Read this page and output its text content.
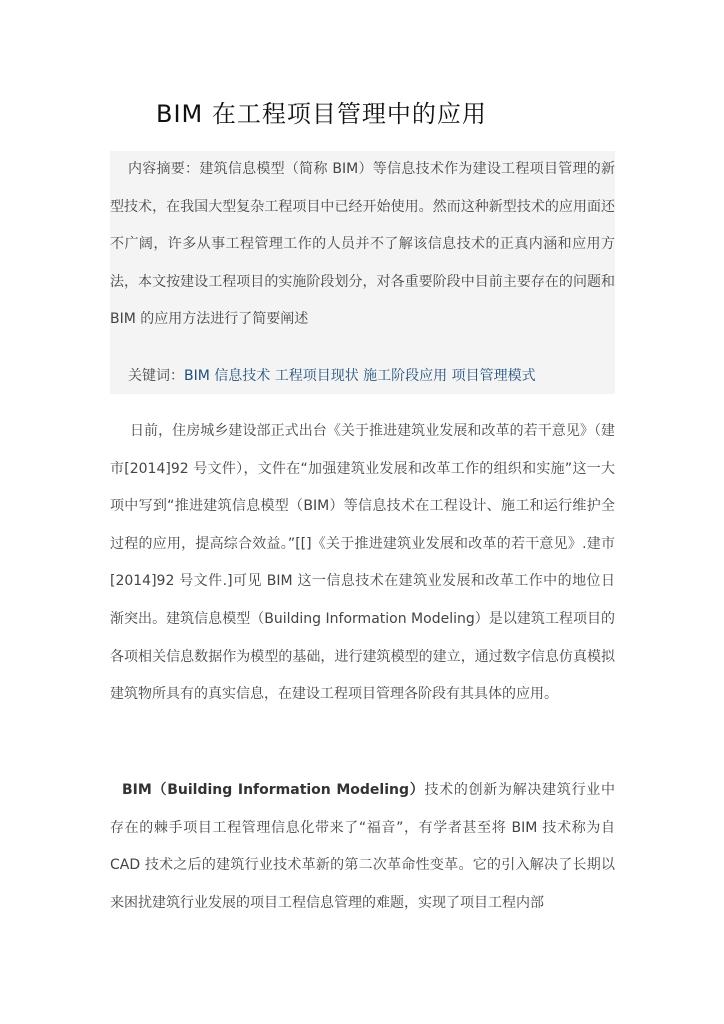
BIM 在工程项目管理中的应用

内容摘要：建筑信息模型（简称 BIM）等信息技术作为建设工程项目管理的新型技术，在我国大型复杂工程项目中已经开始使用。然而这种新型技术的应用面还不广阔，许多从事工程管理工作的人员并不了解该信息技术的正真内涵和应用方法，本文按建设工程项目的实施阶段划分，对各重要阶段中目前主要存在的问题和 BIM 的应用方法进行了简要阐述

关键词：BIM 信息技术 工程项目现状 施工阶段应用 项目管理模式

日前，住房城乡建设部正式出台《关于推进建筑业发展和改革的若干意见》（建市[2014]92 号文件），文件在“加强建筑业发展和改革工作的组织和实施”这一大项中写到“推进建筑信息模型（BIM）等信息技术在工程设计、施工和运行维护全过程的应用，提高综合效益。”[[]《关于推进建筑业发展和改革的若干意见》.建市[2014]92 号文件.]可见 BIM 这一信息技术在建筑业发展和改革工作中的地位日渐突出。建筑信息模型（Building Information Modeling）是以建筑工程项目的各项相关信息数据作为模型的基础，进行建筑模型的建立，通过数字信息仿真模拟建筑物所具有的真实信息，在建设工程项目管理各阶段有其具体的应用。

BIM（Building Information Modeling）技术的创新为解决建筑行业中存在的棘手项目工程管理信息化带来了“福音”，有学者甚至将 BIM 技术称为自 CAD 技术之后的建筑行业技术革新的第二次革命性变革。它的引入解决了长期以来困扰建筑行业发展的项目工程信息管理的难题，实现了项目工程内部
